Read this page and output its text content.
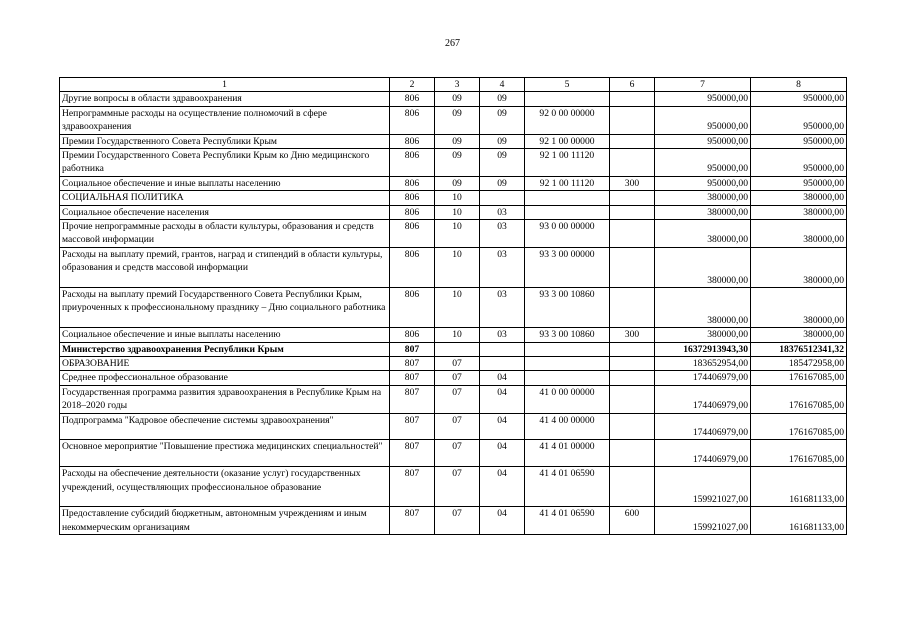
267
1	2	3	4	5	6	7	8
Другие вопросы в области здравоохранения	806	09	09			950000,00	950000,00
Непрограммные расходы на осуществление полномочий в сфере здравоохранения	806	09	09	92 0 00 00000		950000,00	950000,00
Премии Государственного Совета Республики Крым	806	09	09	92 1 00 00000		950000,00	950000,00
Премии Государственного Совета Республики Крым ко Дню медицинского работника	806	09	09	92 1 00 11120		950000,00	950000,00
Социальное обеспечение и иные выплаты населению	806	09	09	92 1 00 11120	300	950000,00	950000,00
СОЦИАЛЬНАЯ ПОЛИТИКА	806	10				380000,00	380000,00
Социальное обеспечение населения	806	10	03			380000,00	380000,00
Прочие непрограммные расходы в области культуры, образования и средств массовой информации	806	10	03	93 0 00 00000		380000,00	380000,00
Расходы на выплату премий, грантов, наград и стипендий в области культуры, образования и средств массовой информации	806	10	03	93 3 00 00000		380000,00	380000,00
Расходы на выплату премий Государственного Совета Республики Крым, приуроченных к профессиональному празднику – Дню социального работника	806	10	03	93 3 00 10860		380000,00	380000,00
Социальное обеспечение и иные выплаты населению	806	10	03	93 3 00 10860	300	380000,00	380000,00
Министерство здравоохранения Республики Крым	807					16372913943,30	18376512341,32
ОБРАЗОВАНИЕ	807	07				183652954,00	185472958,00
Среднее профессиональное образование	807	07	04			174406979,00	176167085,00
Государственная программа развития здравоохранения в Республике Крым на 2018–2020 годы	807	07	04	41 0 00 00000		174406979,00	176167085,00
Подпрограмма "Кадровое обеспечение системы здравоохранения"	807	07	04	41 4 00 00000		174406979,00	176167085,00
Основное мероприятие "Повышение престижа медицинских специальностей"	807	07	04	41 4 01 00000		174406979,00	176167085,00
Расходы на обеспечение деятельности (оказание услуг) государственных учреждений, осуществляющих профессиональное образование	807	07	04	41 4 01 06590		159921027,00	161681133,00
Предоставление субсидий бюджетным, автономным учреждениям и иным некоммерческим организациям	807	07	04	41 4 01 06590	600	159921027,00	161681133,00
